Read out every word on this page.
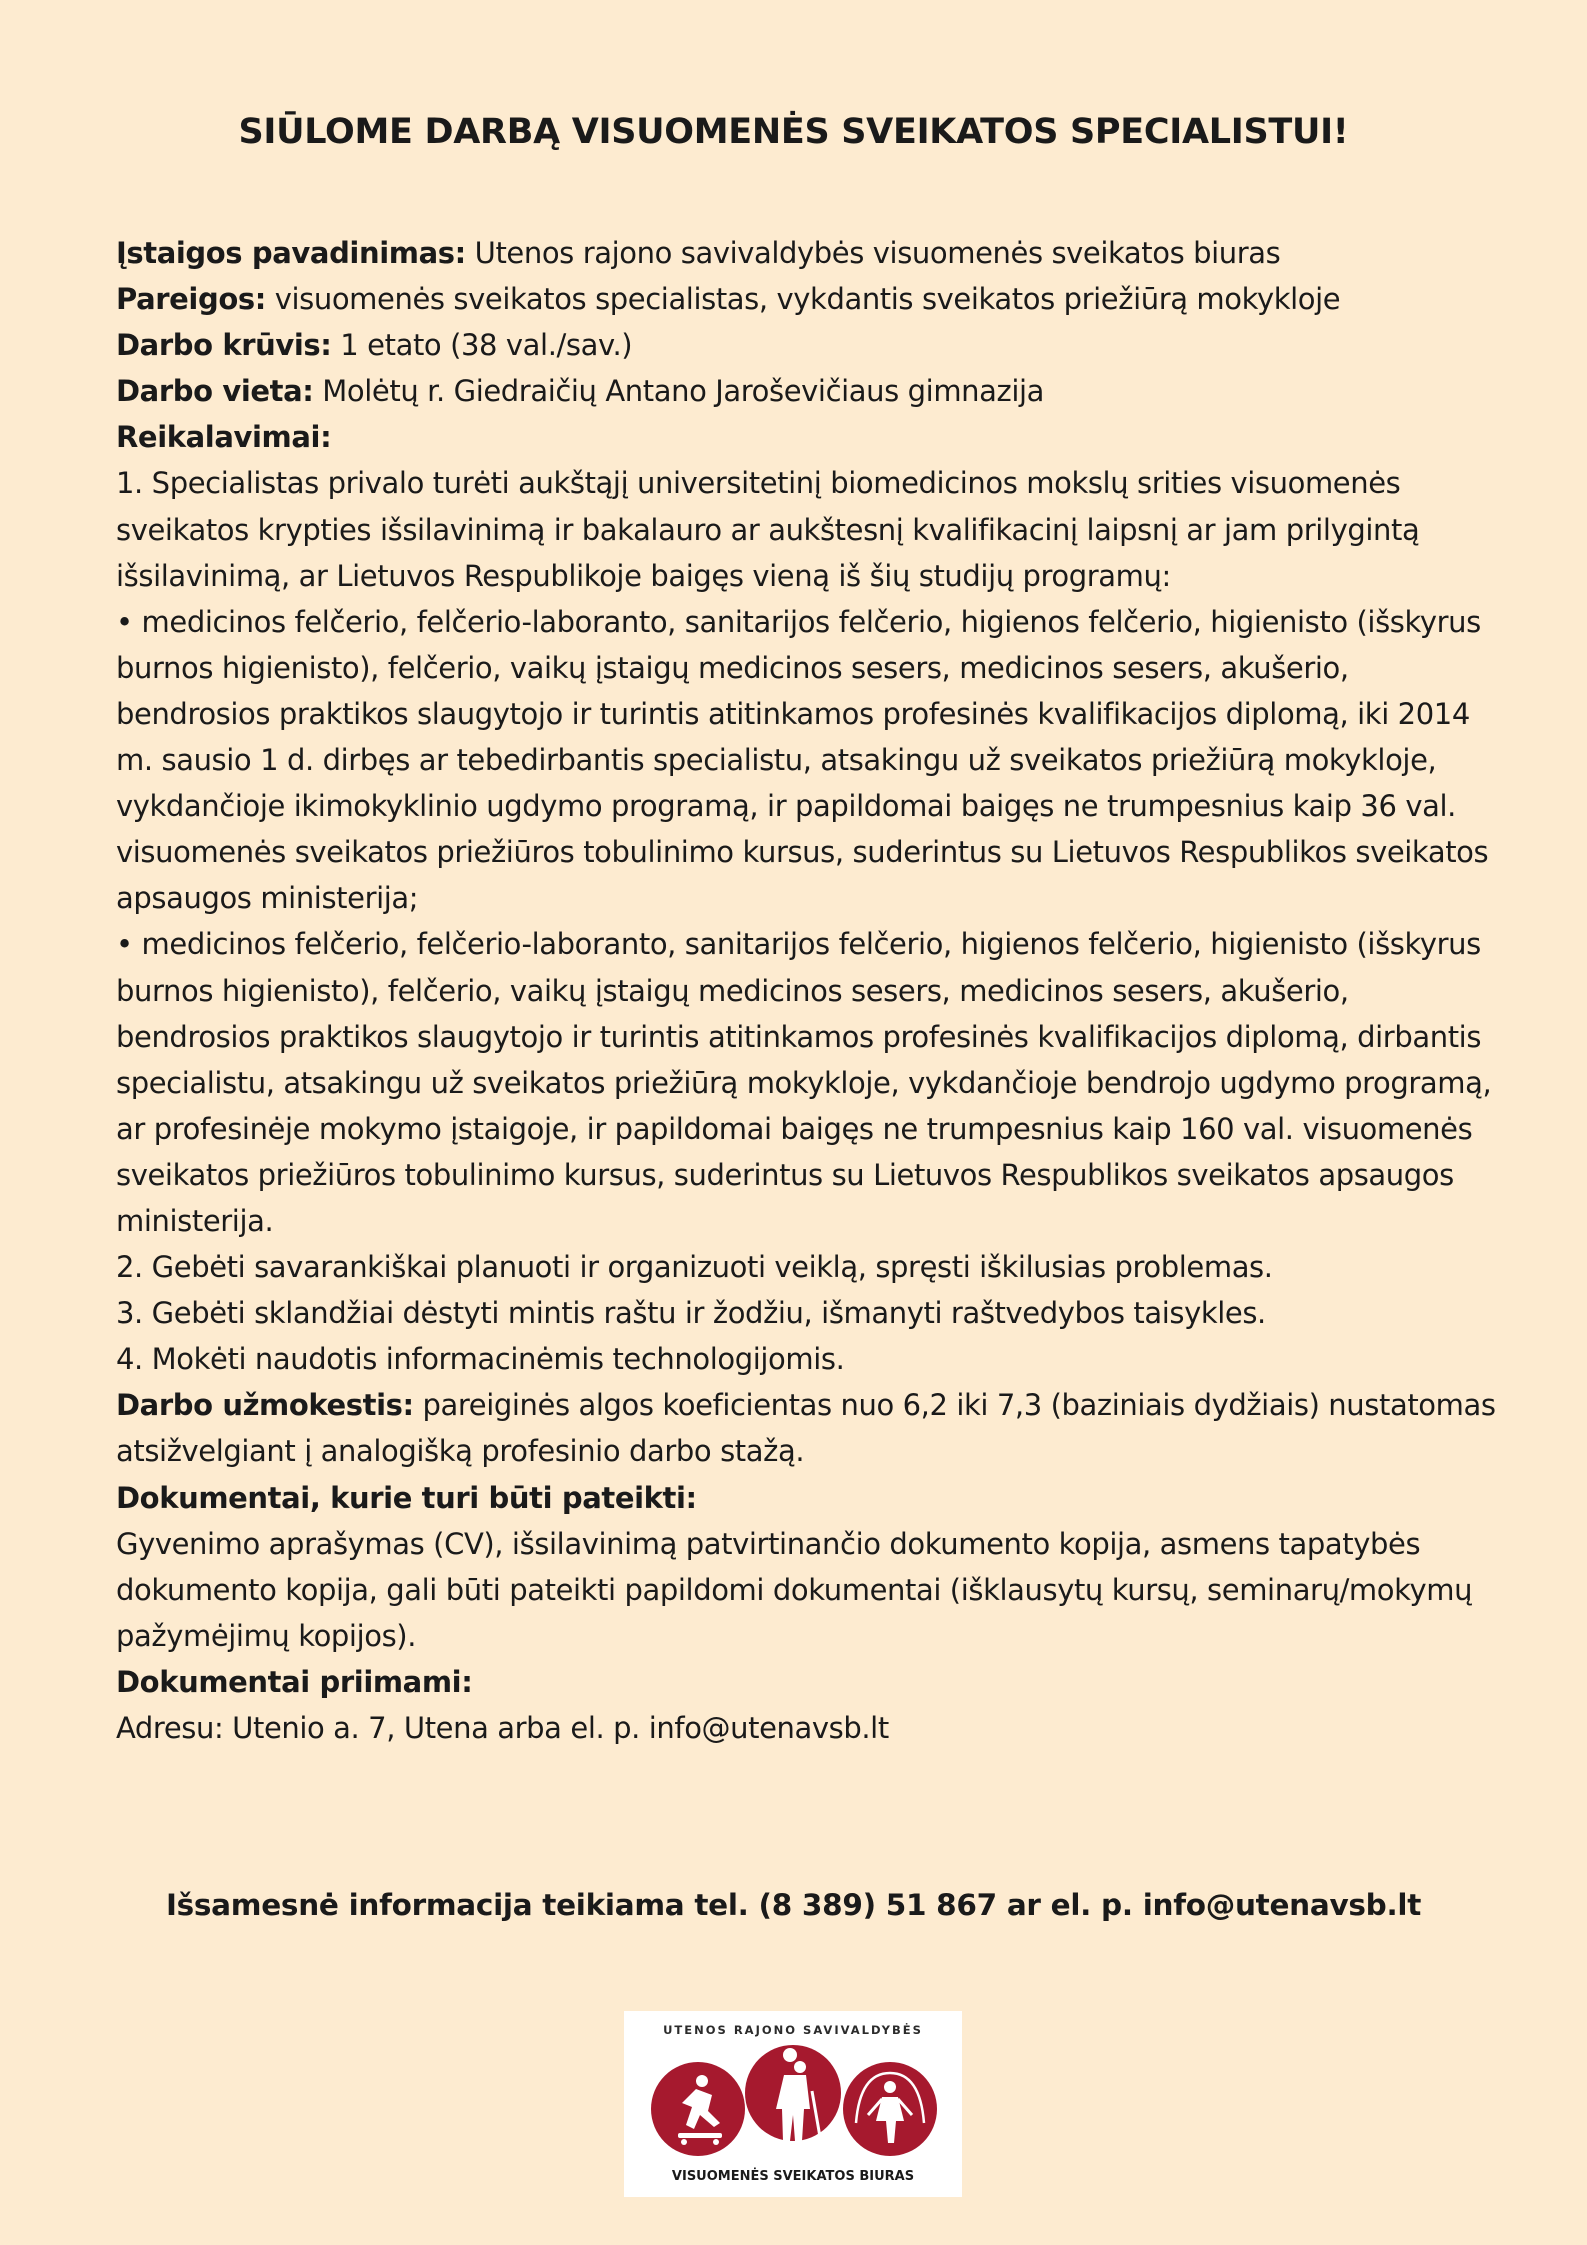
SIŪLOME DARBĄ VISUOMENĖS SVEIKATOS SPECIALISTUI!

Įstaigos pavadinimas: Utenos rajono savivaldybės visuomenės sveikatos biuras

Pareigos: visuomenės sveikatos specialistas, vykdantis sveikatos priežiūrą mokykloje

Darbo krūvis: 1 etato (38 val./sav.)

Darbo vieta: Molėtų r. Giedraičių Antano Jaroševičiaus gimnazija

Reikalavimai:

1. Specialistas privalo turėti aukštąjį universitetinį biomedicinos mokslų srities visuomenės sveikatos krypties išsilavinimą ir bakalauro ar aukštesnį kvalifikacinį laipsnį ar jam prilygintą išsilavinimą, ar Lietuvos Respublikoje baigęs vieną iš šių studijų programų:

• medicinos felčerio, felčerio-laboranto, sanitarijos felčerio, higienos felčerio, higienisto (išskyrus burnos higienisto), felčerio, vaikų įstaigų medicinos sesers, medicinos sesers, akušerio, bendrosios praktikos slaugytojo ir turintis atitinkamos profesinės kvalifikacijos diplomą, iki 2014 m. sausio 1 d. dirbęs ar tebedirbantis specialistu, atsakingu už sveikatos priežiūrą mokykloje, vykdančioje ikimokyklinio ugdymo programą, ir papildomai baigęs ne trumpesnius kaip 36 val. visuomenės sveikatos priežiūros tobulinimo kursus, suderintus su Lietuvos Respublikos sveikatos apsaugos ministerija;

• medicinos felčerio, felčerio-laboranto, sanitarijos felčerio, higienos felčerio, higienisto (išskyrus burnos higienisto), felčerio, vaikų įstaigų medicinos sesers, medicinos sesers, akušerio, bendrosios praktikos slaugytojo ir turintis atitinkamos profesinės kvalifikacijos diplomą, dirbantis specialistu, atsakingu už sveikatos priežiūrą mokykloje, vykdančioje bendrojo ugdymo programą, ar profesinėje mokymo įstaigoje, ir papildomai baigęs ne trumpesnius kaip 160 val. visuomenės sveikatos priežiūros tobulinimo kursus, suderintus su Lietuvos Respublikos sveikatos apsaugos ministerija.

2. Gebėti savarankiškai planuoti ir organizuoti veiklą, spręsti iškilusias problemas.

3. Gebėti sklandžiai dėstyti mintis raštu ir žodžiu, išmanyti raštvedybos taisykles.

4. Mokėti naudotis informacinėmis technologijomis.

Darbo užmokestis: pareiginės algos koeficientas nuo 6,2 iki 7,3 (baziniais dydžiais) nustatomas atsižvelgiant į analogišką profesinio darbo stažą.

Dokumentai, kurie turi būti pateikti:

Gyvenimo aprašymas (CV), išsilavinimą patvirtinančio dokumento kopija, asmens tapatybės dokumento kopija, gali būti pateikti papildomi dokumentai (išklausytų kursų, seminarų/mokymų pažymėjimų kopijos).

Dokumentai priimami:

Adresu: Utenio a. 7, Utena arba el. p. info@utenavsb.lt

Išsamesnė informacija teikiama tel. (8 389) 51 867 ar el. p. info@utenavsb.lt
UTENOS RAJONO SAVIVALDYBĖS
VISUOMENĖS SVEIKATOS BIURAS
